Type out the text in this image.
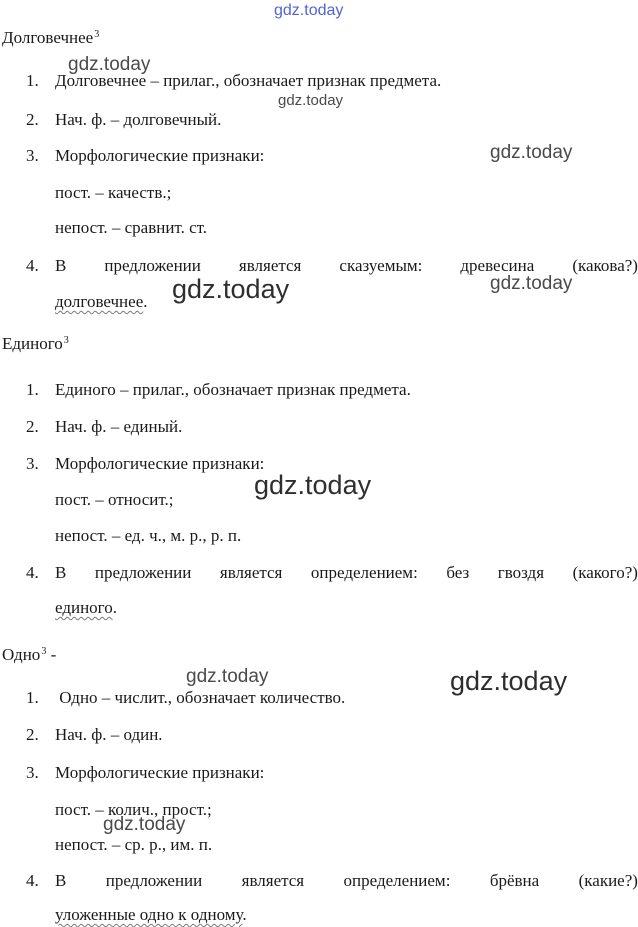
gdz.today
gdz.today
gdz.today
gdz.today
gdz.today	gdz.today
gdz.today
gdz.today	gdz.today
gdz.today
Долговечнее$^3$
1. Долговечнее – прилаг., обозначает признак предмета.
2. Нач. ф. – долговечный.
3. Морфологические признаки:
пост. – качеств.;
непост. – сравнит. ст.
4. В предложении является сказуемым: древесина (какова?)
долговечнее.
Единого$^3$
1. Единого – прилаг., обозначает признак предмета.
2. Нач. ф. – единый.
3. Морфологические признаки:
пост. – относит.;
непост. – ед. ч., м. р., р. п.
4. В предложении является определением: без гвоздя (какого?)
единого.
Одно$^3$ -
1. Одно – числит., обозначает количество.
2. Нач. ф. – один.
3. Морфологические признаки:
пост. – колич., прост.;
непост. – ср. р., им. п.
4. В предложении является определением: брёвна (какие?)
уложенные одно к одному.
